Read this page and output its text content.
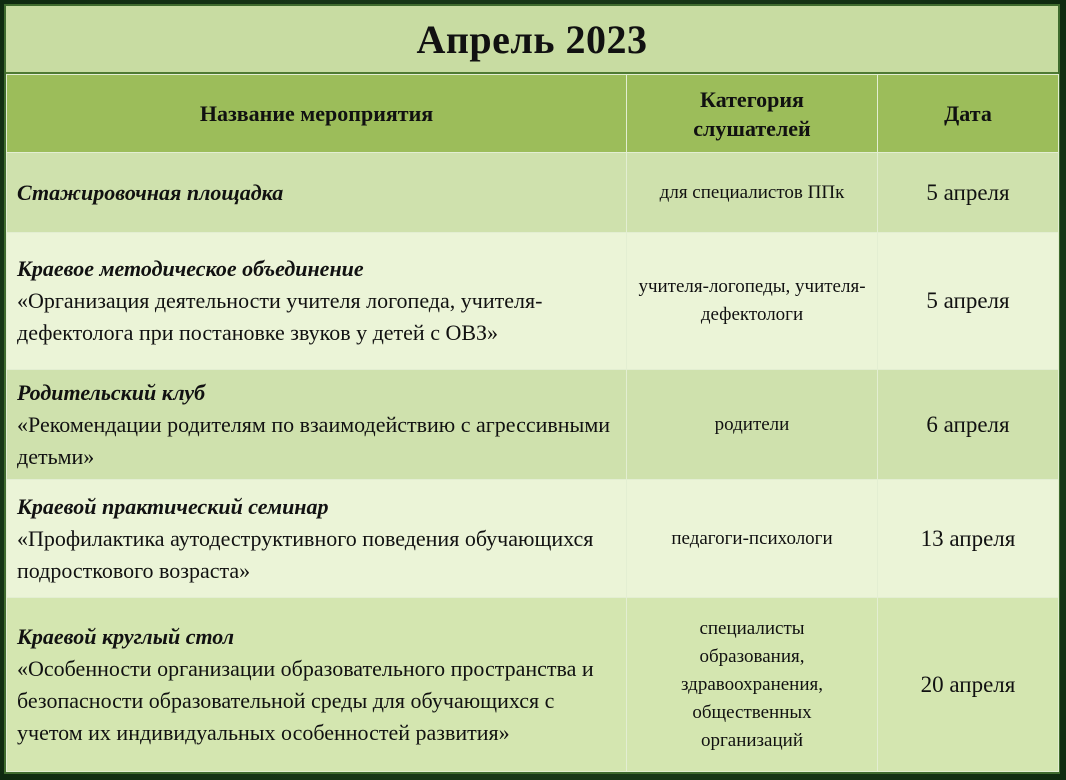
Апрель 2023
Название мероприятия	Категория слушателей	Дата

Стажировочная площадка	для специалистов ППк	5 апреля

Краевое методическое объединение
«Организация деятельности учителя логопеда, учителя-дефектолога при постановке звуков у детей с ОВЗ»	учителя-логопеды, учителя-дефектологи	5 апреля

Родительский клуб
«Рекомендации родителям по взаимодействию с агрессивными детьми»	родители	6 апреля

Краевой практический семинар
«Профилактика аутодеструктивного поведения обучающихся подросткового возраста»	педагоги-психологи	13 апреля

Краевой круглый стол
«Особенности организации образовательного пространства и безопасности образовательной среды для обучающихся с учетом их индивидуальных особенностей развития»	специалисты образования, здравоохранения, общественных организаций	20 апреля
